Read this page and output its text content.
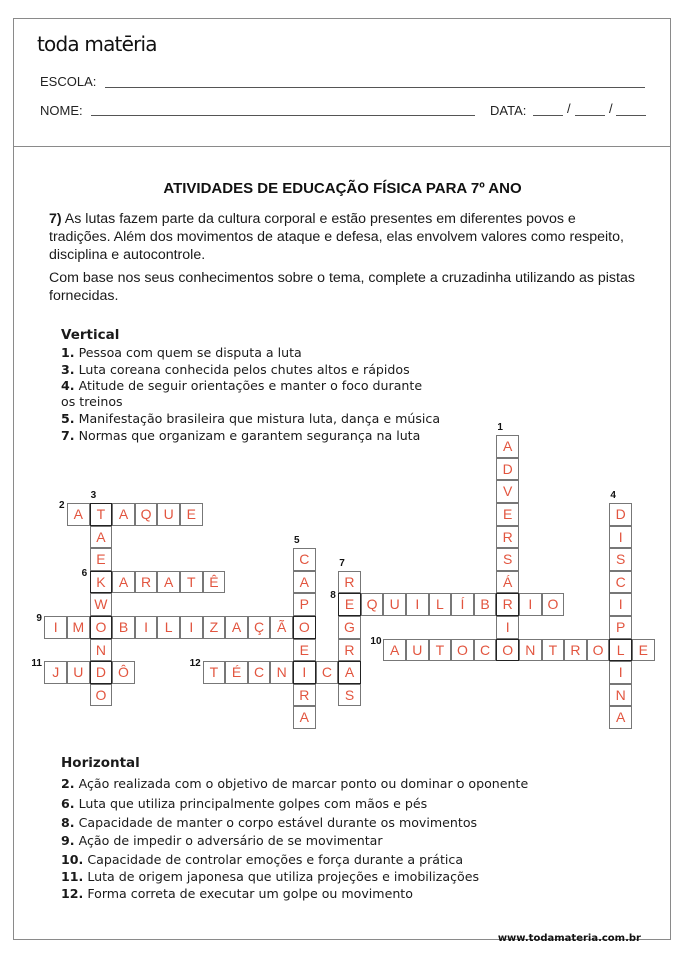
toda matēria
ESCOLA:
NOME:	DATA:	/	/
ATIVIDADES DE EDUCAÇÃO FÍSICA PARA 7º ANO
7) As lutas fazem parte da cultura corporal e estão presentes em diferentes povos e tradições. Além dos movimentos de ataque e defesa, elas envolvem valores como respeito, disciplina e autocontrole.
Com base nos seus conhecimentos sobre o tema, complete a cruzadinha utilizando as pistas fornecidas.
Vertical
1. Pessoa com quem se disputa a luta
3. Luta coreana conhecida pelos chutes altos e rápidos
4. Atitude de seguir orientações e manter o foco durante
os treinos
5. Manifestação brasileira que mistura luta, dança e música
7. Normas que organizam e garantem segurança na luta
A
D
V
E
R
S
Á
R
I
O
A T A Q U E
A
E
K
W
O
N
D
O
D
I
S
C
I
P
L
I
N
A
C
A
P
O
E
I
R
A
A R A T Ê	R
E
G
R
A
S
Q U	I	L	Í	B	I	O
I	M	B	I	L	I	Z A Ç Ã
A U T O C	N T R O	E
J	U	Ô	T É C N	C
1
2
3	4
5
6
7
8
9
10
11	12
Horizontal
2. Ação realizada com o objetivo de marcar ponto ou dominar o oponente
6. Luta que utiliza principalmente golpes com mãos e pés
8. Capacidade de manter o corpo estável durante os movimentos
9. Ação de impedir o adversário de se movimentar
10. Capacidade de controlar emoções e força durante a prática
11. Luta de origem japonesa que utiliza projeções e imobilizações
12. Forma correta de executar um golpe ou movimento
www.todamateria.com.br
